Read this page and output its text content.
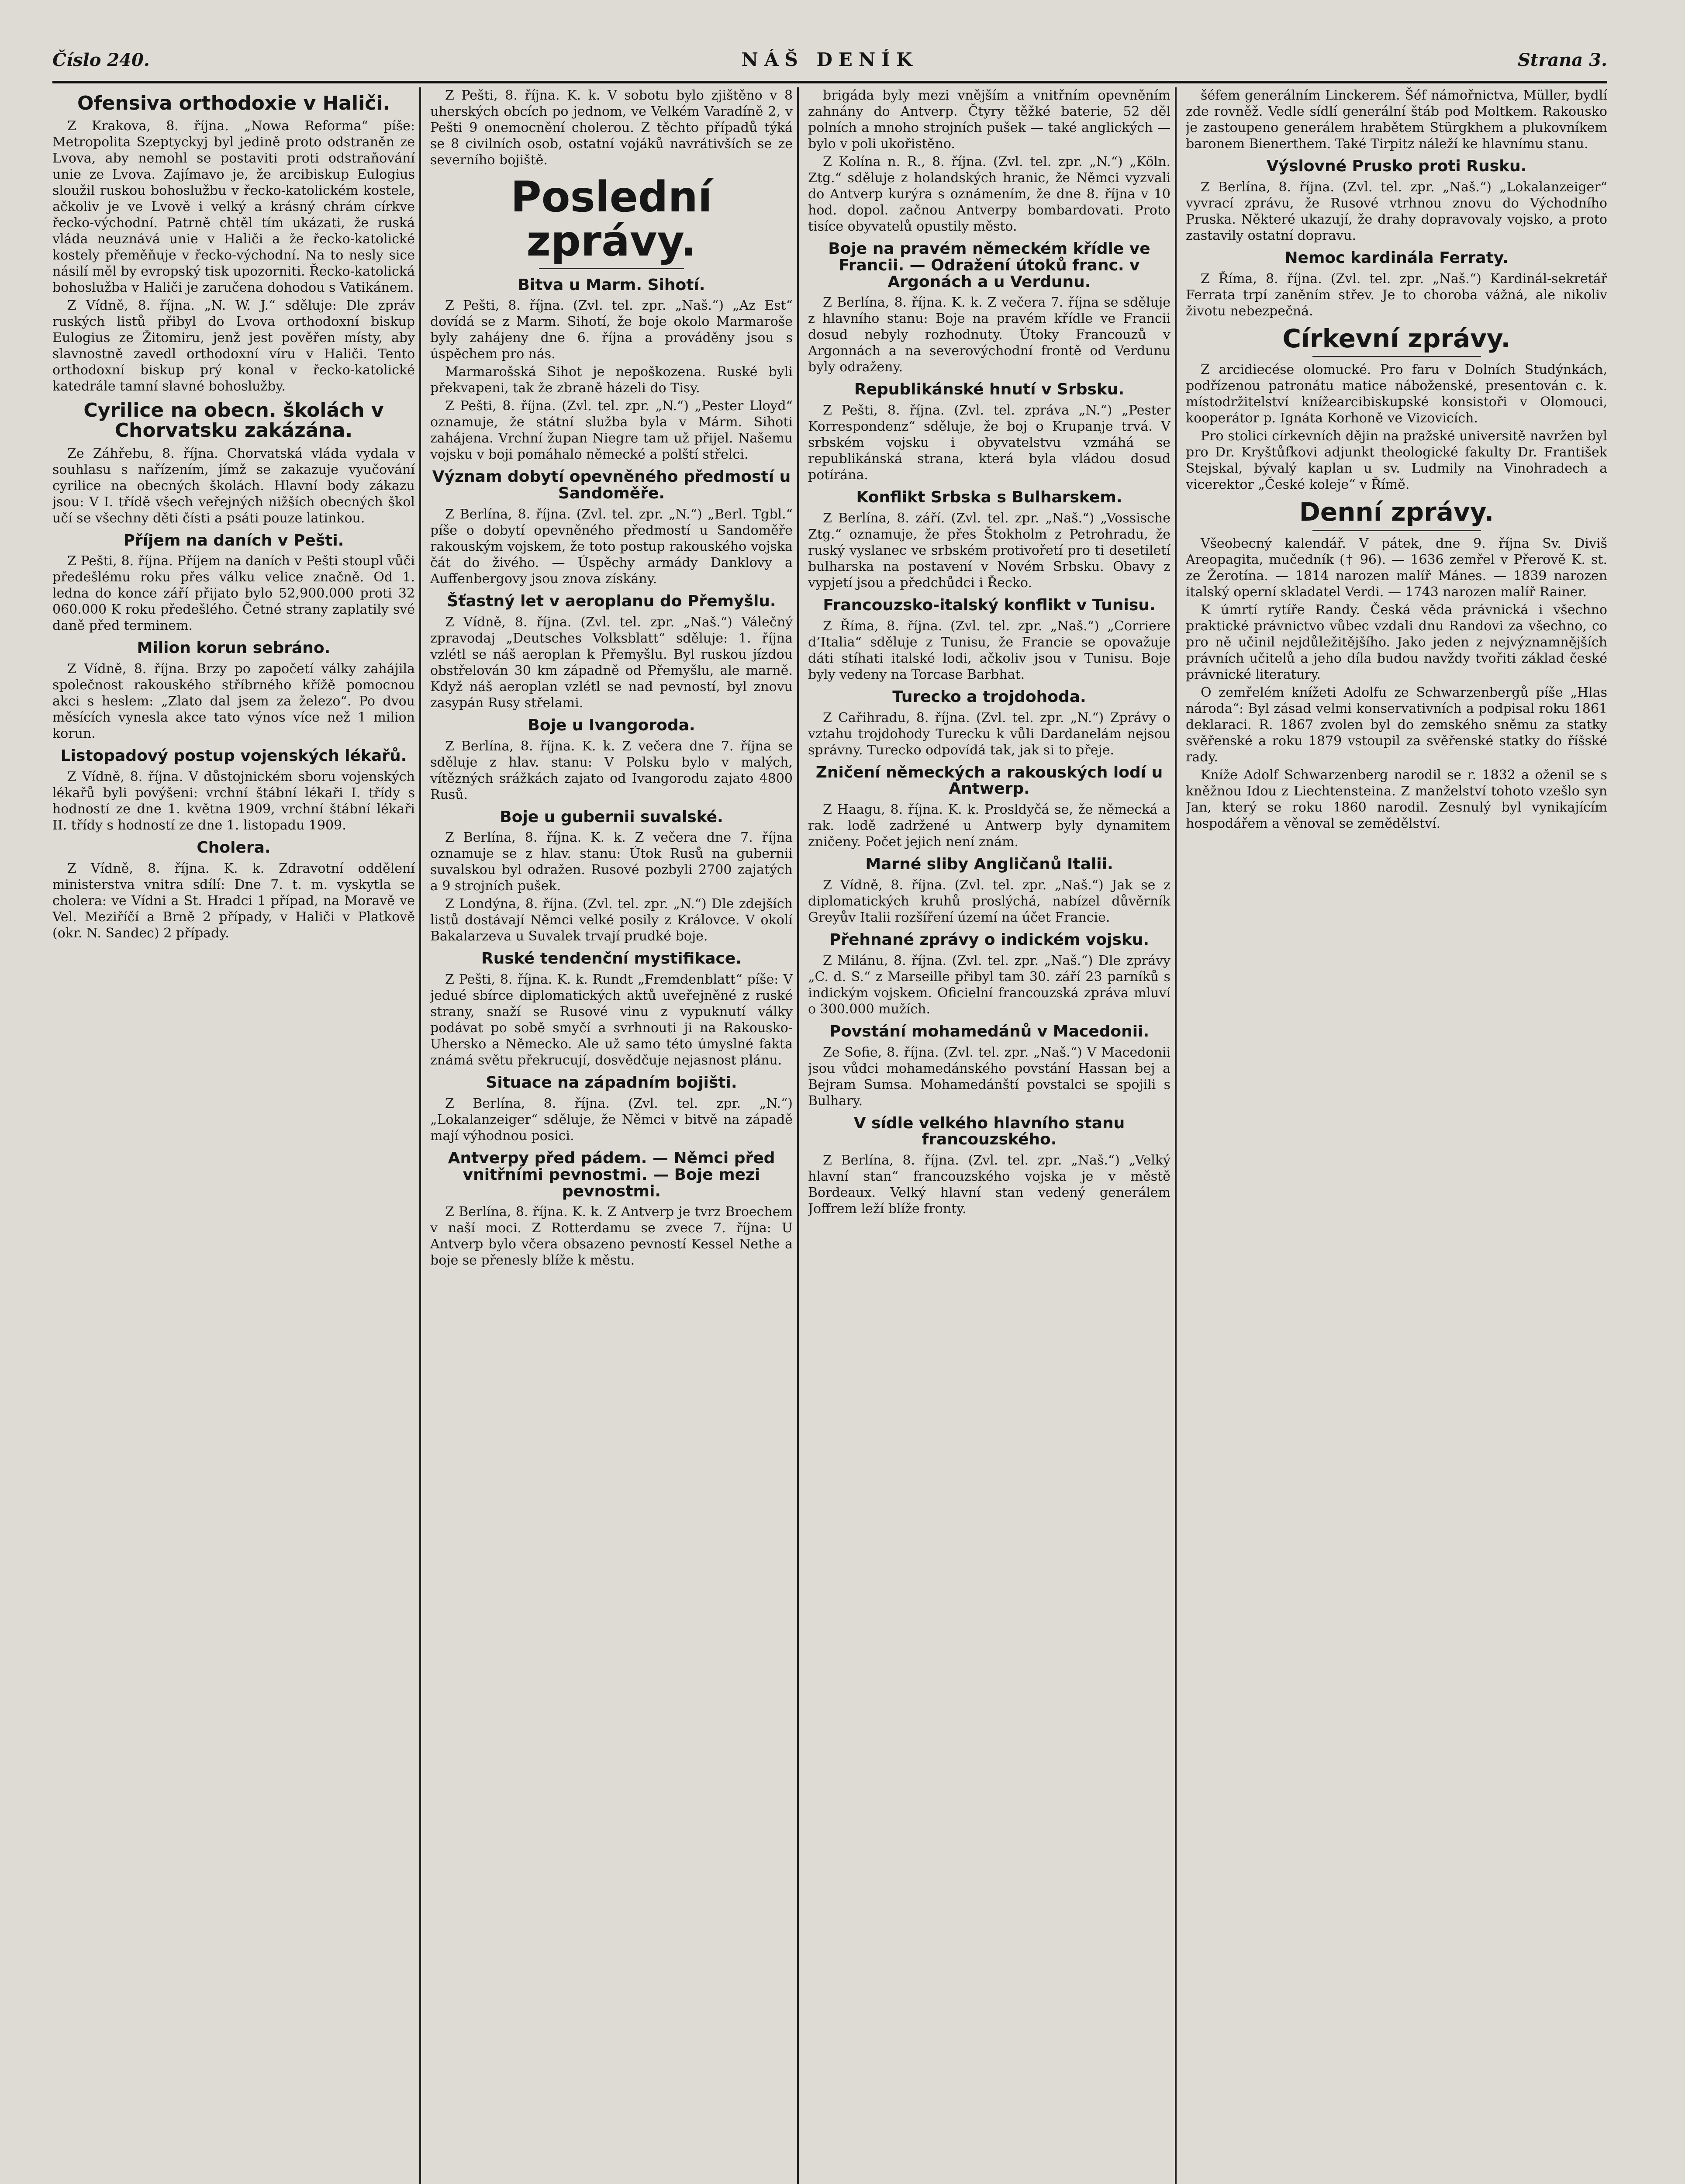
Číslo 240.	NÁŠ DENÍK	Strana 3.
Ofensiva orthodoxie v Haliči.
Z Krakova, 8. října. „Nowa Reforma“ píše: Metropolita Szeptyckyj byl jedině proto odstraněn ze Lvova, aby nemohl se postaviti proti odstraňování unie ze Lvova. Zajímavo je, že arcibiskup Eulogius sloužil ruskou bohoslužbu v řecko-katolickém kostele, ačkoliv je ve Lvově i velký a krásný chrám církve řecko-východní. Patrně chtěl tím ukázati, že ruská vláda neuznává unie v Haliči a že řecko-katolické kostely přeměňuje v řecko-východní. Na to nesly sice násilí měl by evropský tisk upozorniti. Řecko-katolická bohoslužba v Haliči je zaručena dohodou s Vatikánem.
Z Vídně, 8. října. „N. W. J.“ sděluje: Dle zpráv ruských listů přibyl do Lvova orthodoxní biskup Eulogius ze Žitomiru, jenž jest pověřen místy, aby slavnostně zavedl orthodoxní víru v Haliči. Tento orthodoxní biskup prý konal v řecko-katolické katedrále tamní slavné bohoslužby.
Cyrilice na obecn. školách v Chorvatsku zakázána.
Ze Záhřebu, 8. října. Chorvatská vláda vydala v souhlasu s nařízením, jímž se zakazuje vyučování cyrilice na obecných školách. Hlavní body zákazu jsou: V I. třídě všech veřejných nižších obecných škol učí se všechny děti čísti a psáti pouze latinkou.
Příjem na daních v Pešti.
Z Pešti, 8. října. Příjem na daních v Pešti stoupl vůči předešlému roku přes válku velice značně. Od 1. ledna do konce září přijato bylo 52,900.000 proti 32 060.000 K roku předešlého. Četné strany zaplatily své daně před terminem.
Milion korun sebráno.
Z Vídně, 8. října. Brzy po započetí války zahájila společnost rakouského stříbrného křížě pomocnou akci s heslem: „Zlato dal jsem za železo“. Po dvou měsících vynesla akce tato výnos více než 1 milion korun.
Listopadový postup vojenských lékařů.
Z Vídně, 8. října. V důstojnickém sboru vojenských lékařů byli povýšeni: vrchní štábní lékaři I. třídy s hodností ze dne 1. května 1909, vrchní štábní lékaři II. třídy s hodností ze dne 1. listopadu 1909.
Cholera.
Z Vídně, 8. října. K. k. Zdravotní oddělení ministerstva vnitra sdílí: Dne 7. t. m. vyskytla se cholera: ve Vídni a St. Hradci 1 případ, na Moravě ve Vel. Meziříčí a Brně 2 případy, v Haliči v Platkově (okr. N. Sandec) 2 případy.
Z Pešti, 8. října. K. k. V sobotu bylo zjištěno v 8 uherských obcích po jednom, ve Velkém Varadíně 2, v Pešti 9 onemocnění cholerou. Z těchto případů týká se 8 civilních osob, ostatní vojáků navrátivších se ze severního bojiště.
Poslední zprávy.
Bitva u Marm. Sihotí.
Z Pešti, 8. října. (Zvl. tel. zpr. „Naš.“) „Az Est“ dovídá se z Marm. Sihotí, že boje okolo Marmaroše byly zahájeny dne 6. října a prováděny jsou s úspěchem pro nás.
Marmarošská Sihot je nepoškozena. Ruské byli překvapeni, tak že zbraně házeli do Tisy.
Z Pešti, 8. října. (Zvl. tel. zpr. „N.“) „Pester Lloyd“ oznamuje, že státní služba byla v Márm. Sihoti zahájena. Vrchní župan Niegre tam už přijel. Našemu vojsku v boji pomáhalo německé a polští střelci.
Význam dobytí opevněného předmostí u Sandoměře.
Z Berlína, 8. října. (Zvl. tel. zpr. „N.“) „Berl. Tgbl.“ píše o dobytí opevněného předmostí u Sandoměře rakouským vojskem, že toto postup rakouského vojska čát do živého. — Úspěchy armády Danklovy a Auffenbergovy jsou znova získány.
Šťastný let v aeroplanu do Přemyšlu.
Z Vídně, 8. října. (Zvl. tel. zpr. „Naš.“) Válečný zpravodaj „Deutsches Volksblatt“ sděluje: 1. října vzlétl se náš aeroplan k Přemyšlu. Byl ruskou jízdou obstřelován 30 km západně od Přemyšlu, ale marně. Když náš aeroplan vzlétl se nad pevností, byl znovu zasypán Rusy střelami.
Boje u Ivangoroda.
Z Berlína, 8. října. K. k. Z večera dne 7. října se sděluje z hlav. stanu: V Polsku bylo v malých, vítězných srážkách zajato od Ivangorodu zajato 4800 Rusů.
Boje u gubernii suvalské.
Z Berlína, 8. října. K. k. Z večera dne 7. října oznamuje se z hlav. stanu: Útok Rusů na gubernii suvalskou byl odražen. Rusové pozbyli 2700 zajatých a 9 strojních pušek.
Z Londýna, 8. října. (Zvl. tel. zpr. „N.“) Dle zdejších listů dostávají Němci velké posily z Královce. V okolí Bakalarzeva u Suvalek trvají prudké boje.
Ruské tendenční mystifikace.
Z Pešti, 8. října. K. k. Rundt „Fremdenblatt“ píše: V jedué sbírce diplomatických aktů uveřejněné z ruské strany, snaží se Rusové vinu z vypuknutí války podávat po sobě smyčí a svrhnouti ji na Rakousko-Uhersko a Německo. Ale už samo této úmyslné fakta známá světu překrucují, dosvědčuje nejasnost plánu.
Situace na západním bojišti.
Z Berlína, 8. října. (Zvl. tel. zpr. „N.“) „Lokalanzeiger“ sděluje, že Němci v bitvě na západě mají výhodnou posici.
Antverpy před pádem. — Němci před vnitřními pevnostmi. — Boje mezi pevnostmi.
Z Berlína, 8. října. K. k. Z Antverp je tvrz Broechem v naší moci. Z Rotterdamu se zvece 7. října: U Antverp bylo včera obsazeno pevností Kessel Nethe a boje se přenesly blíže k městu.
brigáda byly mezi vnějším a vnitřním opevněním zahnány do Antverp. Čtyry těžké baterie, 52 děl polních a mnoho strojních pušek — také anglických — bylo v poli ukořistěno.
Z Kolína n. R., 8. října. (Zvl. tel. zpr. „N.“) „Köln. Ztg.“ sděluje z holandských hranic, že Němci vyzvali do Antverp kurýra s oznámením, že dne 8. října v 10 hod. dopol. začnou Antverpy bombardovati. Proto tisíce obyvatelů opustily město.
Boje na pravém německém křídle ve Francii. — Odražení útoků franc. v Argonách a u Verdunu.
Z Berlína, 8. října. K. k. Z večera 7. října se sděluje z hlavního stanu: Boje na pravém křídle ve Francii dosud nebyly rozhodnuty. Útoky Francouzů v Argonnách a na severovýchodní frontě od Verdunu byly odraženy.
Republikánské hnutí v Srbsku.
Z Pešti, 8. října. (Zvl. tel. zpráva „N.“) „Pester Korrespondenz“ sděluje, že boj o Krupanje trvá. V srbském vojsku i obyvatelstvu vzmáhá se republikánská strana, která byla vládou dosud potírána.
Konflikt Srbska s Bulharskem.
Z Berlína, 8. září. (Zvl. tel. zpr. „Naš.“) „Vossische Ztg.“ oznamuje, že přes Štokholm z Petrohradu, že ruský vyslanec ve srbském protivořetí pro ti desetiletí bulharska na postavení v Novém Srbsku. Obavy z vypjetí jsou a předchůdci i Řecko.
Francouzsko-italský konflikt v Tunisu.
Z Říma, 8. října. (Zvl. tel. zpr. „Naš.“) „Corriere d’Italia“ sděluje z Tunisu, že Francie se opovažuje dáti stíhati italské lodi, ačkoliv jsou v Tunisu. Boje byly vedeny na Torcase Barbhat.
Turecko a trojdohoda.
Z Cařihradu, 8. října. (Zvl. tel. zpr. „N.“) Zprávy o vztahu trojdohody Turecku k vůli Dardanelám nejsou správny. Turecko odpovídá tak, jak si to přeje.
Zničení německých a rakouských lodí u Antwerp.
Z Haagu, 8. října. K. k. Prosldyčá se, že německá a rak. lodě zadržené u Antwerp byly dynamitem zničeny. Počet jejich není znám.
Marné sliby Angličanů Italii.
Z Vídně, 8. října. (Zvl. tel. zpr. „Naš.“) Jak se z diplomatických kruhů proslýchá, nabízel důvěrník Greyův Italii rozšíření území na účet Francie.
Přehnané zprávy o indickém vojsku.
Z Milánu, 8. října. (Zvl. tel. zpr. „Naš.“) Dle zprávy „C. d. S.“ z Marseille přibyl tam 30. září 23 parníků s indickým vojskem. Oficielní francouzská zpráva mluví o 300.000 mužích.
Povstání mohamedánů v Macedonii.
Ze Sofie, 8. října. (Zvl. tel. zpr. „Naš.“) V Macedonii jsou vůdci mohamedánského povstání Hassan bej a Bejram Sumsa. Mohamedánští povstalci se spojili s Bulhary.
V sídle velkého hlavního stanu francouzského.
Z Berlína, 8. října. (Zvl. tel. zpr. „Naš.“) „Velký hlavní stan“ francouzského vojska je v městě Bordeaux. Velký hlavní stan vedený generálem Joffrem leží blíže fronty.
šéfem generálním Linckerem. Šéf námořnictva, Müller, bydlí zde rovněž. Vedle sídlí generální štáb pod Moltkem. Rakousko je zastoupeno generálem hrabětem Stürgkhem a plukovníkem baronem Bienerthem. Také Tirpitz náleží ke hlavnímu stanu.
Výslovné Prusko proti Rusku.
Z Berlína, 8. října. (Zvl. tel. zpr. „Naš.“) „Lokalanzeiger“ vyvrací zprávu, že Rusové vtrhnou znovu do Východního Pruska. Některé ukazují, že drahy dopravovaly vojsko, a proto zastavily ostatní dopravu.
Nemoc kardinála Ferraty.
Z Říma, 8. října. (Zvl. tel. zpr. „Naš.“) Kardinál-sekretář Ferrata trpí zaněním střev. Je to choroba vážná, ale nikoliv životu nebezpečná.
Církevní zprávy.
Z arcidiecése olomucké. Pro faru v Dolních Studýnkách, podřízenou patronátu matice náboženské, presentován c. k. místodržitelství knížearcibiskupské konsistoři v Olomouci, kooperátor p. Ignáta Korhoně ve Vizovicích.
Pro stolici církevních dějin na pražské universitě navržen byl pro Dr. Kryštůfkovi adjunkt theologické fakulty Dr. František Stejskal, bývalý kaplan u sv. Ludmily na Vinohradech a vicerektor „České koleje“ v Římě.
Denní zprávy.
Všeobecný kalendář. V pátek, dne 9. října Sv. Diviš Areopagita, mučedník († 96). — 1636 zemřel v Přerově K. st. ze Žerotína. — 1814 narozen malíř Mánes. — 1839 narozen italský operní skladatel Verdi. — 1743 narozen malíř Rainer.
K úmrtí rytíře Randy. Česká věda právnická i všechno praktické právnictvo vůbec vzdali dnu Randovi za všechno, co pro ně učinil nejdůležitějšího. Jako jeden z nejvýznamnějších právních učitelů a jeho díla budou navždy tvořiti základ české právnické literatury.
O zemřelém knížeti Adolfu ze Schwarzenbergů píše „Hlas národa“: Byl zásad velmi konservativních a podpisal roku 1861 deklaraci. R. 1867 zvolen byl do zemského sněmu za statky svěřenské a roku 1879 vstoupil za svěřenské statky do říšské rady.
Kníže Adolf Schwarzenberg narodil se r. 1832 a oženil se s kněžnou Idou z Liechtensteina. Z manželství tohoto vzešlo syn Jan, který se roku 1860 narodil. Zesnulý byl vynikajícím hospodářem a věnoval se zemědělství.
